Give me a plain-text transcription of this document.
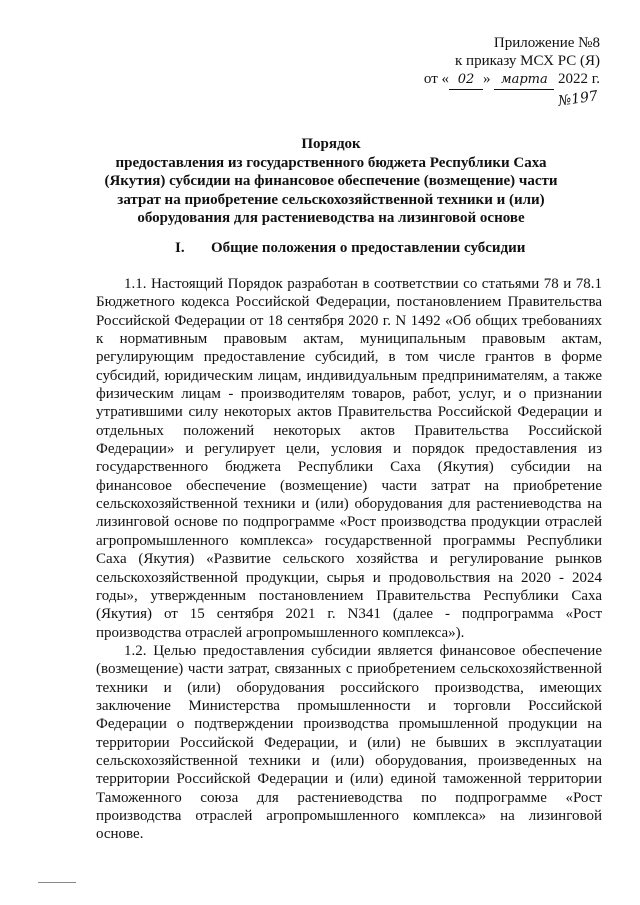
Приложение №8
к приказу МСХ РС (Я)
от « 02 » марта 2022 г.
№197
Порядок
предоставления из государственного бюджета Республики Саха
(Якутия) субсидии на финансовое обеспечение (возмещение) части
затрат на приобретение сельскохозяйственной техники и (или)
оборудования для растениеводства на лизинговой основе
I. Общие положения о предоставлении субсидии

1.1. Настоящий Порядок разработан в соответствии со статьями 78 и 78.1 Бюджетного кодекса Российской Федерации, постановлением Правительства Российской Федерации от 18 сентября 2020 г. N 1492 «Об общих требованиях к нормативным правовым актам, муниципальным правовым актам, регулирующим предоставление субсидий, в том числе грантов в форме субсидий, юридическим лицам, индивидуальным предпринимателям, а также физическим лицам - производителям товаров, работ, услуг, и о признании утратившими силу некоторых актов Правительства Российской Федерации и отдельных положений некоторых актов Правительства Российской Федерации» и регулирует цели, условия и порядок предоставления из государственного бюджета Республики Саха (Якутия) субсидии на финансовое обеспечение (возмещение) части затрат на приобретение сельскохозяйственной техники и (или) оборудования для растениеводства на лизинговой основе по подпрограмме «Рост производства продукции отраслей агропромышленного комплекса» государственной программы Республики Саха (Якутия) «Развитие сельского хозяйства и регулирование рынков сельскохозяйственной продукции, сырья и продовольствия на 2020 - 2024 годы», утвержденным постановлением Правительства Республики Саха (Якутия) от 15 сентября 2021 г. N341 (далее - подпрограмма «Рост производства отраслей агропромышленного комплекса»).

1.2. Целью предоставления субсидии является финансовое обеспечение (возмещение) части затрат, связанных с приобретением сельскохозяйственной техники и (или) оборудования российского производства, имеющих заключение Министерства промышленности и торговли Российской Федерации о подтверждении производства промышленной продукции на территории Российской Федерации, и (или) не бывших в эксплуатации сельскохозяйственной техники и (или) оборудования, произведенных на территории Российской Федерации и (или) единой таможенной территории Таможенного союза для растениеводства по подпрограмме «Рост производства отраслей агропромышленного комплекса» на лизинговой основе.
